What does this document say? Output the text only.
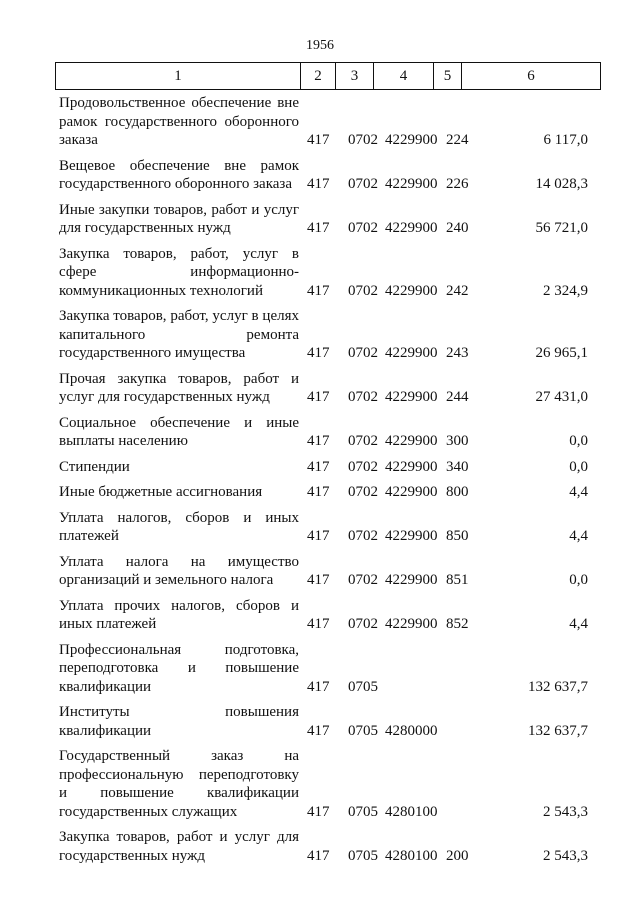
1956
1	2	3	4	5	6
Продовольственное обеспечение вне рамок государственного оборонного заказа	417 0702 4229900 224	6 117,0
Вещевое обеспечение вне рамок государственного оборонного заказа 417 0702 4229900 226	14 028,3
Иные закупки товаров, работ и услуг для государственных нужд	417 0702 4229900 240	56 721,0
Закупка товаров, работ, услуг в сфере информационно-коммуникационных технологий	417 0702 4229900 242	2 324,9
Закупка товаров, работ, услуг в целях капитального ремонта государственного имущества	417 0702 4229900 243	26 965,1
Прочая закупка товаров, работ и услуг для государственных нужд	417 0702 4229900 244	27 431,0
Социальное обеспечение и иные выплаты населению	417 0702 4229900 300	0,0
Стипендии	417 0702 4229900 340	0,0
Иные бюджетные ассигнования	417 0702 4229900 800	4,4
Уплата налогов, сборов и иных платежей	417 0702 4229900 850	4,4
Уплата налога на имущество организаций и земельного налога	417 0702 4229900 851	0,0
Уплата прочих налогов, сборов и иных платежей	417 0702 4229900 852	4,4
Профессиональная подготовка, переподготовка и повышение квалификации	417 0705	132 637,7
Институты повышения квалификации	417 0705 4280000	132 637,7
Государственный заказ на профессиональную переподготовку и повышение квалификации государственных служащих	417 0705 4280100	2 543,3
Закупка товаров, работ и услуг для государственных нужд	417 0705 4280100 200	2 543,3
